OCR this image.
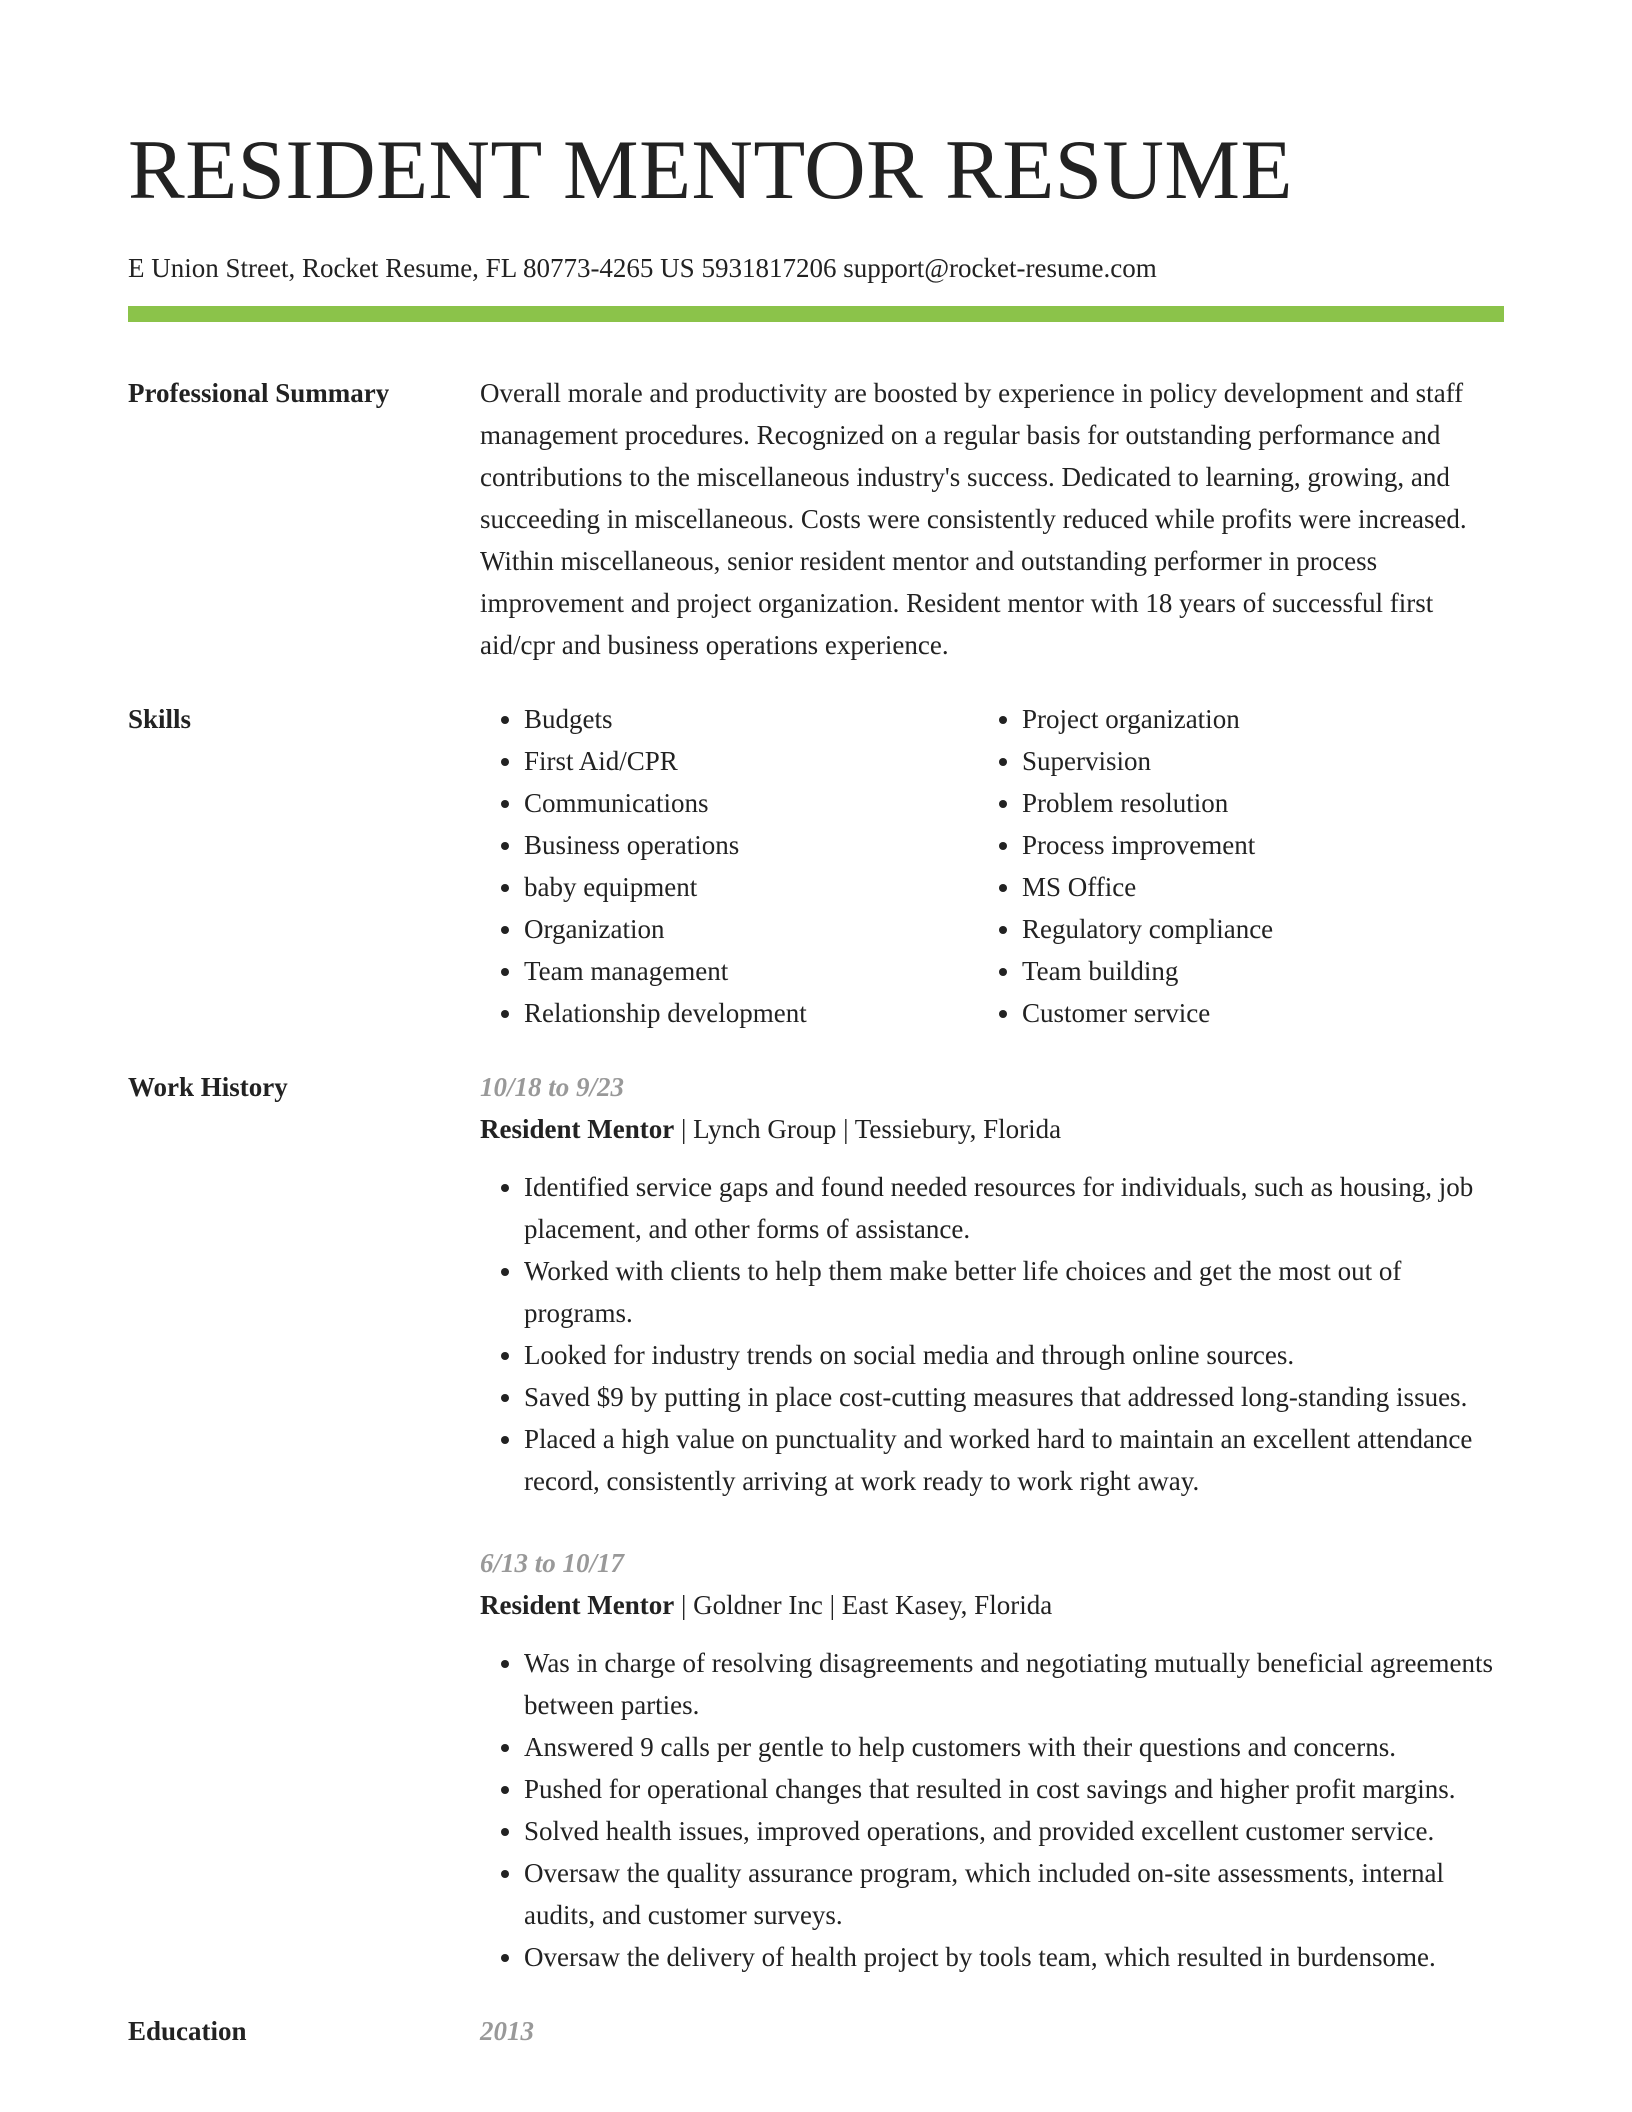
RESIDENT MENTOR RESUME
E Union Street, Rocket Resume, FL 80773-4265 US 5931817206 support@rocket-resume.com
Professional Summary	Overall morale and productivity are boosted by experience in policy development and staff management procedures. Recognized on a regular basis for outstanding performance and contributions to the miscellaneous industry's success. Dedicated to learning, growing, and succeeding in miscellaneous. Costs were consistently reduced while profits were increased. Within miscellaneous, senior resident mentor and outstanding performer in process improvement and project organization. Resident mentor with 18 years of successful first aid/cpr and business operations experience.

Skills
•	Budgets
• First Aid/CPR
• Communications
• Business operations
• baby equipment
• Organization
• Team management
• Relationship development
• Project organization
• Supervision
• Problem resolution
• Process improvement
• MS Office
• Regulatory compliance
• Team building
• Customer service
Work History	10/18 to 9/23
Resident Mentor | Lynch Group | Tessiebury, Florida
• Identified service gaps and found needed resources for individuals, such as housing, job placement, and other forms of assistance.
• Worked with clients to help them make better life choices and get the most out of programs.
• Looked for industry trends on social media and through online sources.
• Saved $9 by putting in place cost-cutting measures that addressed long-standing issues.
• Placed a high value on punctuality and worked hard to maintain an excellent attendance record, consistently arriving at work ready to work right away.
6/13 to 10/17
Resident Mentor | Goldner Inc | East Kasey, Florida
• Was in charge of resolving disagreements and negotiating mutually beneficial agreements between parties.
• Answered 9 calls per gentle to help customers with their questions and concerns.
• Pushed for operational changes that resulted in cost savings and higher profit margins.
• Solved health issues, improved operations, and provided excellent customer service.
• Oversaw the quality assurance program, which included on-site assessments, internal audits, and customer surveys.
• Oversaw the delivery of health project by tools team, which resulted in burdensome.
Education	2013
